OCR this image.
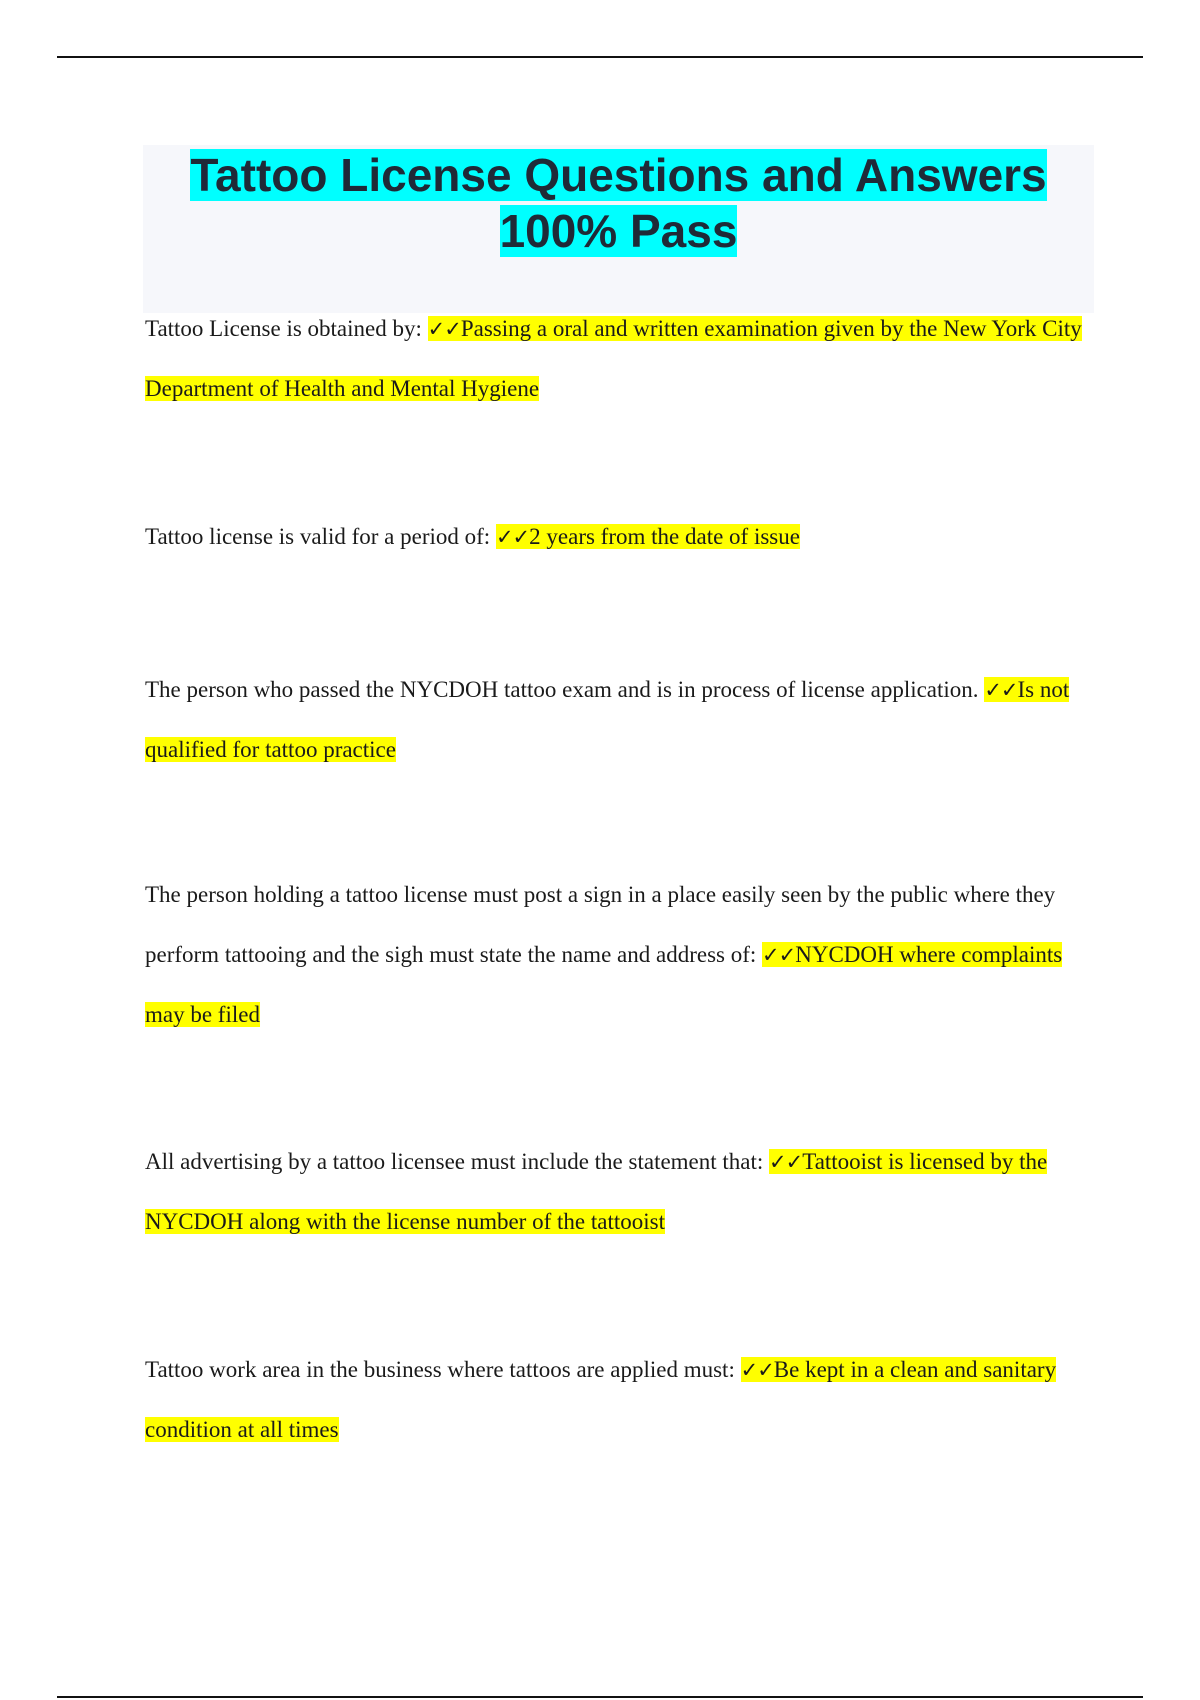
Tattoo License Questions and Answers 100% Pass

Tattoo License is obtained by: ✓✓Passing a oral and written examination given by the New York City Department of Health and Mental Hygiene

Tattoo license is valid for a period of: ✓✓2 years from the date of issue

The person who passed the NYCDOH tattoo exam and is in process of license application. ✓✓Is not qualified for tattoo practice

The person holding a tattoo license must post a sign in a place easily seen by the public where they perform tattooing and the sigh must state the name and address of: ✓✓NYCDOH where complaints may be filed

All advertising by a tattoo licensee must include the statement that: ✓✓Tattooist is licensed by the NYCDOH along with the license number of the tattooist

Tattoo work area in the business where tattoos are applied must: ✓✓Be kept in a clean and sanitary condition at all times
